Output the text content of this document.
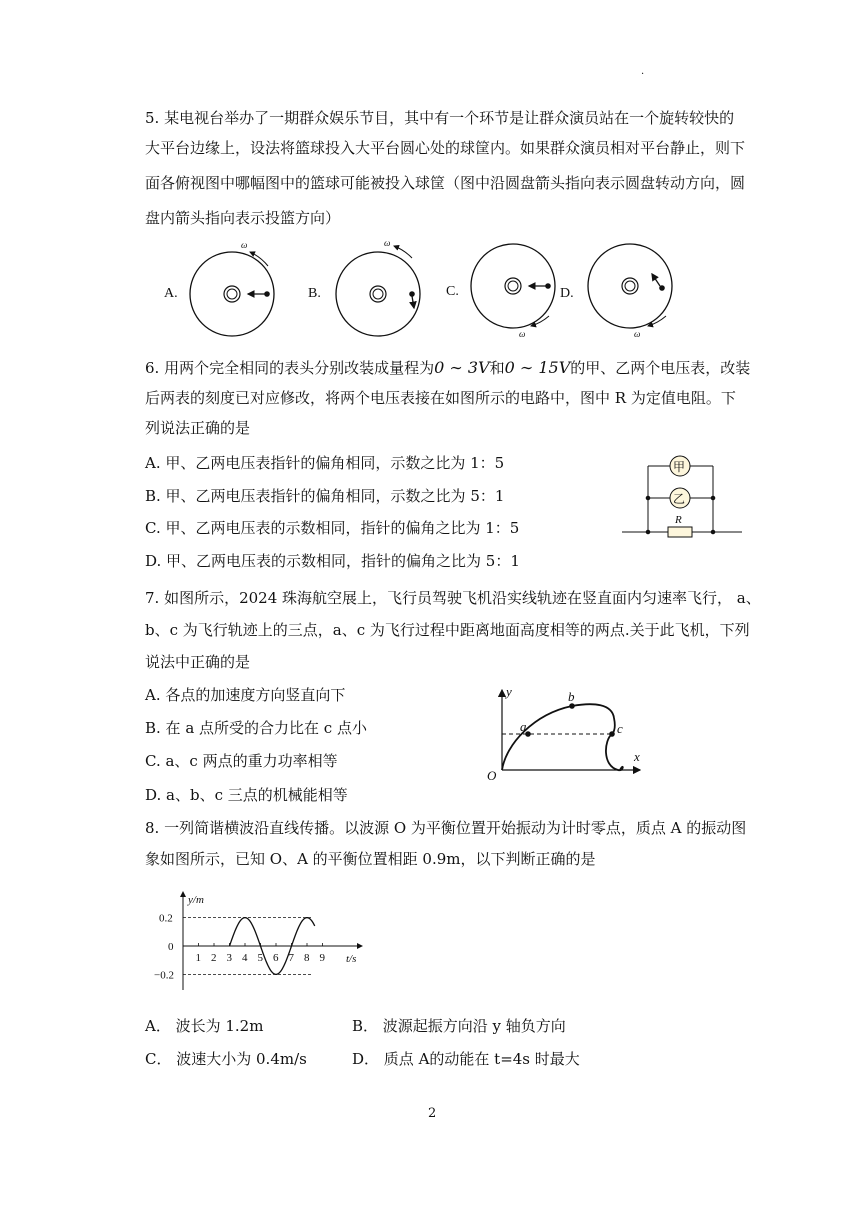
.
5. 某电视台举办了一期群众娱乐节目，其中有一个环节是让群众演员站在一个旋转较快的
大平台边缘上，设法将篮球投入大平台圆心处的球筐内。如果群众演员相对平台静止，则下
面各俯视图中哪幅图中的篮球可能被投入球筐（图中沿圆盘箭头指向表示圆盘转动方向，圆
盘内箭头指向表示投篮方向）
A.
ω
B.
ω
C.
ω
D.
ω
6. 用两个完全相同的表头分别改装成量程为0 ∼ 3V和0 ∼ 15V的甲、乙两个电压表，改装
后两表的刻度已对应修改，将两个电压表接在如图所示的电路中，图中 R 为定值电阻。下
列说法正确的是
A. 甲、乙两电压表指针的偏角相同，示数之比为 1：5
B. 甲、乙两电压表指针的偏角相同，示数之比为 5：1
C. 甲、乙两电压表的示数相同，指针的偏角之比为 1：5
D. 甲、乙两电压表的示数相同，指针的偏角之比为 5：1
甲
乙
R
7. 如图所示，2024 珠海航空展上，飞行员驾驶飞机沿实线轨迹在竖直面内匀速率飞行， a、
b、c 为飞行轨迹上的三点，a、c 为飞行过程中距离地面高度相等的两点.关于此飞机，下列
说法中正确的是
A. 各点的加速度方向竖直向下
B. 在 a 点所受的合力比在 c 点小
C. a、c 两点的重力功率相等
D. a、b、c 三点的机械能相等
y
x
O
a
b
c
8. 一列简谐横波沿直线传播。以波源 O 为平衡位置开始振动为计时零点，质点 A 的振动图
象如图所示，已知 O、A 的平衡位置相距 0.9m，以下判断正确的是
1 2 3 4 5 6 7 8 9
0.2
0
−0.2
y/m
t/s
A． 波长为 1.2m	B． 波源起振方向沿 y 轴负方向
C． 波速大小为 0.4m/s	D． 质点 A的动能在 t=4s 时最大
2
